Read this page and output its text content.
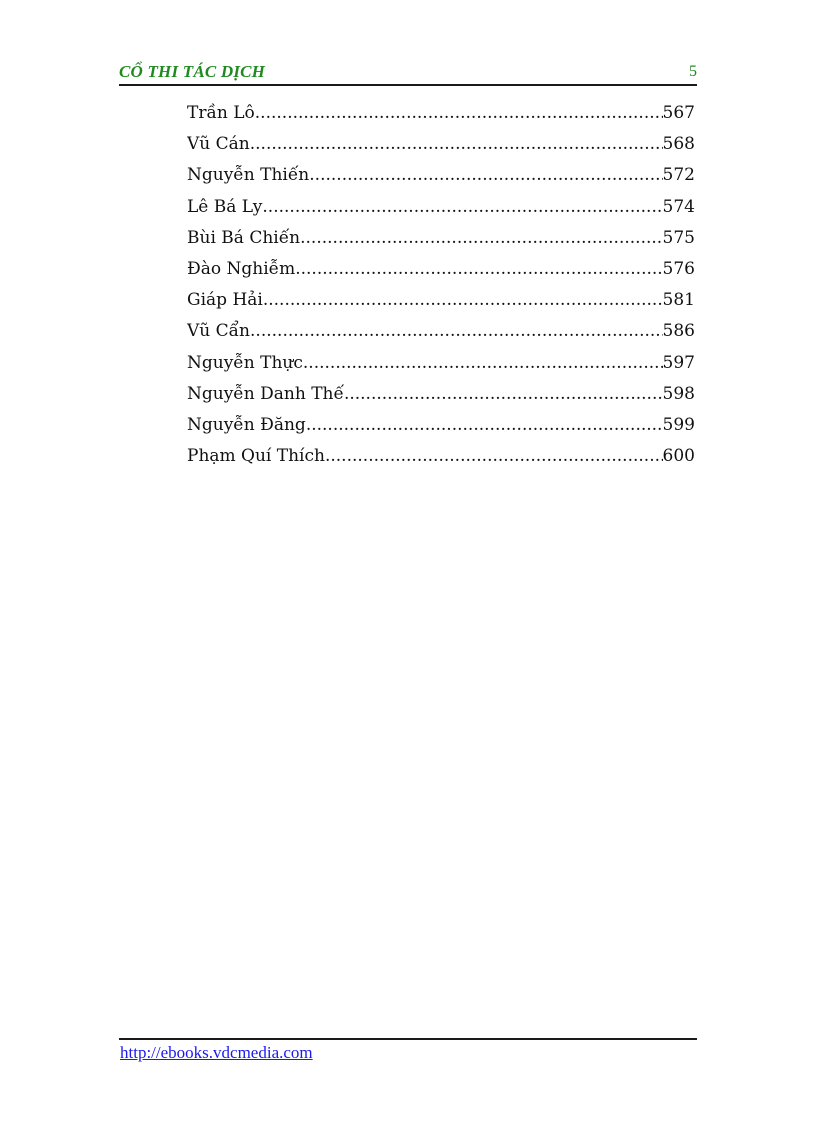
CỔ THI TÁC DỊCH	5
Trần Lô .....	567
Vũ Cán .....	568
Nguyễn Thiến .....	572
Lê Bá Ly .....	574
Bùi Bá Chiến .....	575
Đào Nghiễm .....	576
Giáp Hải .....	581
Vũ Cẩn .....	586
Nguyễn Thực .....	597
Nguyễn Danh Thế .....	598
Nguyễn Đăng .....	599
Phạm Quí Thích .....	600
http://ebooks.vdcmedia.com
